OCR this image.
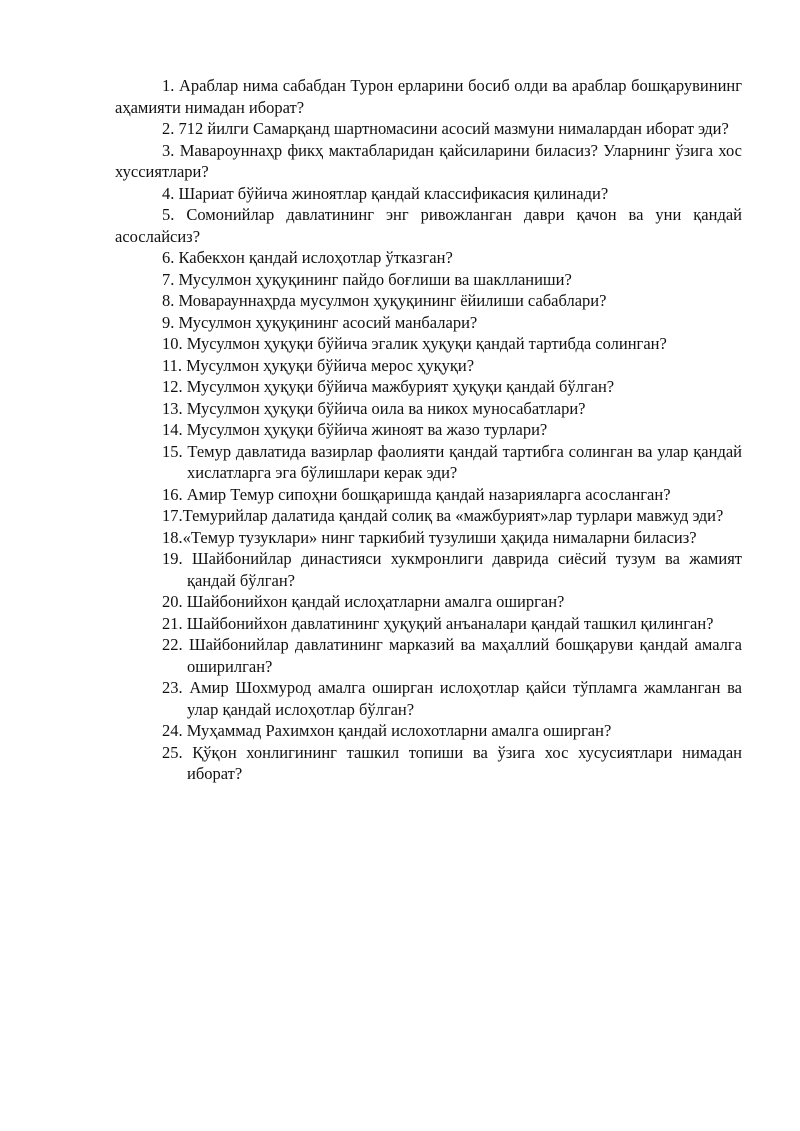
1. Араблар нима сабабдан Турон ерларини босиб олди ва араблар бошқарувининг аҳамияти нимадан иборат?

2. 712 йилги Самарқанд шартномасини асосий мазмуни нималардан иборат эди?

3. Мавароуннаҳр фикҳ мактабларидан қайсиларини биласиз? Уларнинг ўзига хос хуссиятлари?

4. Шариат бўйича жиноятлар қандай классификасия қилинади?

5. Сомонийлар давлатининг энг ривожланган даври қачон ва уни қандай асослайсиз?

6. Кабекхон қандай ислоҳотлар ўтказган?

7. Мусулмон ҳуқуқининг пайдо боғлиши ва шаклланиши?

8. Моварауннаҳрда мусулмон ҳуқуқининг ёйилиши сабаблари?

9. Мусулмон ҳуқуқининг асосий манбалари?

10. Мусулмон ҳуқуқи бўйича эгалик ҳуқуқи қандай тартибда солинган?

11. Мусулмон ҳуқуқи бўйича мерос ҳуқуқи?

12. Мусулмон ҳуқуқи бўйича мажбурият ҳуқуқи қандай бўлган?

13. Мусулмон ҳуқуқи бўйича оила ва никох муносабатлари?

14. Мусулмон ҳуқуқи бўйича жиноят ва жазо турлари?

15. Темур давлатида вазирлар фаолияти қандай тартибга солинган ва улар қандай хислатларга эга бўлишлари керак эди?

16. Амир Темур сипоҳни бошқаришда қандай назарияларга асосланган?

17.Темурийлар далатида қандай солиқ ва «мажбурият»лар турлари мавжуд эди?

18.«Темур тузуклари» нинг таркибий тузулиши ҳақида нималарни биласиз?

19. Шайбонийлар династияси хукмронлиги даврида сиёсий тузум ва жамият қандай бўлган?

20. Шайбонийхон қандай ислоҳатларни амалга оширган?

21. Шайбонийхон давлатининг ҳуқуқий анъаналари қандай ташкил қилинган?

22. Шайбонийлар давлатининг марказий ва маҳаллий бошқаруви қандай амалга оширилган?

23. Амир Шохмурод амалга оширган ислоҳотлар қайси тўпламга жамланган ва улар қандай ислоҳотлар бўлган?

24. Муҳаммад Рахимхон қандай ислохотларни амалга оширган?

25. Қўқон хонлигининг ташкил топиши ва ўзига хос хусусиятлари нимадан иборат?
